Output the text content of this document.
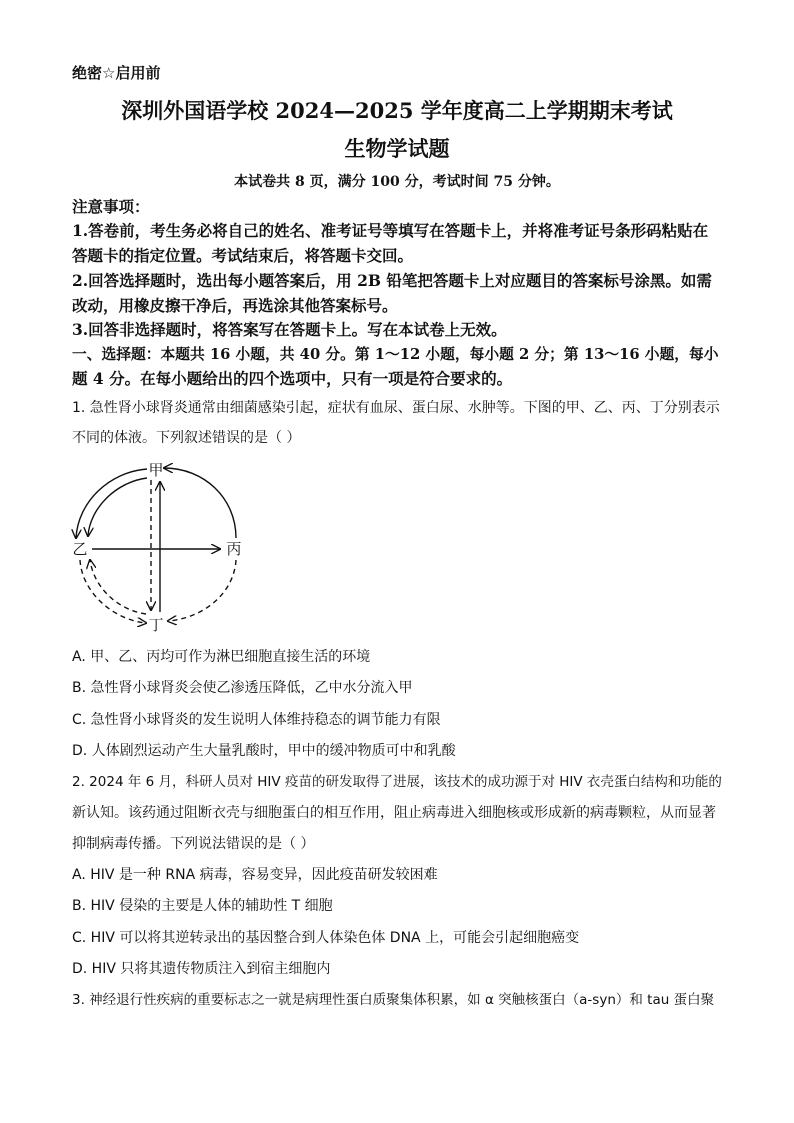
绝密☆启用前
深圳外国语学校 2024—2025 学年度高二上学期期末考试
生物学试题
本试卷共 8 页，满分 100 分，考试时间 75 分钟。
注意事项：
1.答卷前，考生务必将自己的姓名、准考证号等填写在答题卡上，并将准考证号条形码粘贴在
答题卡的指定位置。考试结束后，将答题卡交回。
2.回答选择题时，选出每小题答案后，用 2B 铅笔把答题卡上对应题目的答案标号涂黑。如需
改动，用橡皮擦干净后，再选涂其他答案标号。
3.回答非选择题时，将答案写在答题卡上。写在本试卷上无效。
一、选择题：本题共 16 小题，共 40 分。第 1～12 小题，每小题 2 分；第 13～16 小题，每小
题 4 分。在每小题给出的四个选项中，只有一项是符合要求的。
1. 急性肾小球肾炎通常由细菌感染引起，症状有血尿、蛋白尿、水肿等。下图的甲、乙、丙、丁分别表示
不同的体液。下列叙述错误的是（ ）
甲
乙	丙
丁
A. 甲、乙、丙均可作为淋巴细胞直接生活的环境
B. 急性肾小球肾炎会使乙渗透压降低，乙中水分流入甲
C. 急性肾小球肾炎的发生说明人体维持稳态的调节能力有限
D. 人体剧烈运动产生大量乳酸时，甲中的缓冲物质可中和乳酸
2. 2024 年 6 月，科研人员对 HIV 疫苗的研发取得了进展，该技术的成功源于对 HIV 衣壳蛋白结构和功能的
新认知。该药通过阻断衣壳与细胞蛋白的相互作用，阻止病毒进入细胞核或形成新的病毒颗粒，从而显著
抑制病毒传播。下列说法错误的是（ ）
A. HIV 是一种 RNA 病毒，容易变异，因此疫苗研发较困难
B. HIV 侵染的主要是人体的辅助性 T 细胞
C. HIV 可以将其逆转录出的基因整合到人体染色体 DNA 上，可能会引起细胞癌变
D. HIV 只将其遗传物质注入到宿主细胞内
3. 神经退行性疾病的重要标志之一就是病理性蛋白质聚集体积累，如 α 突触核蛋白（a-syn）和 tau 蛋白聚
